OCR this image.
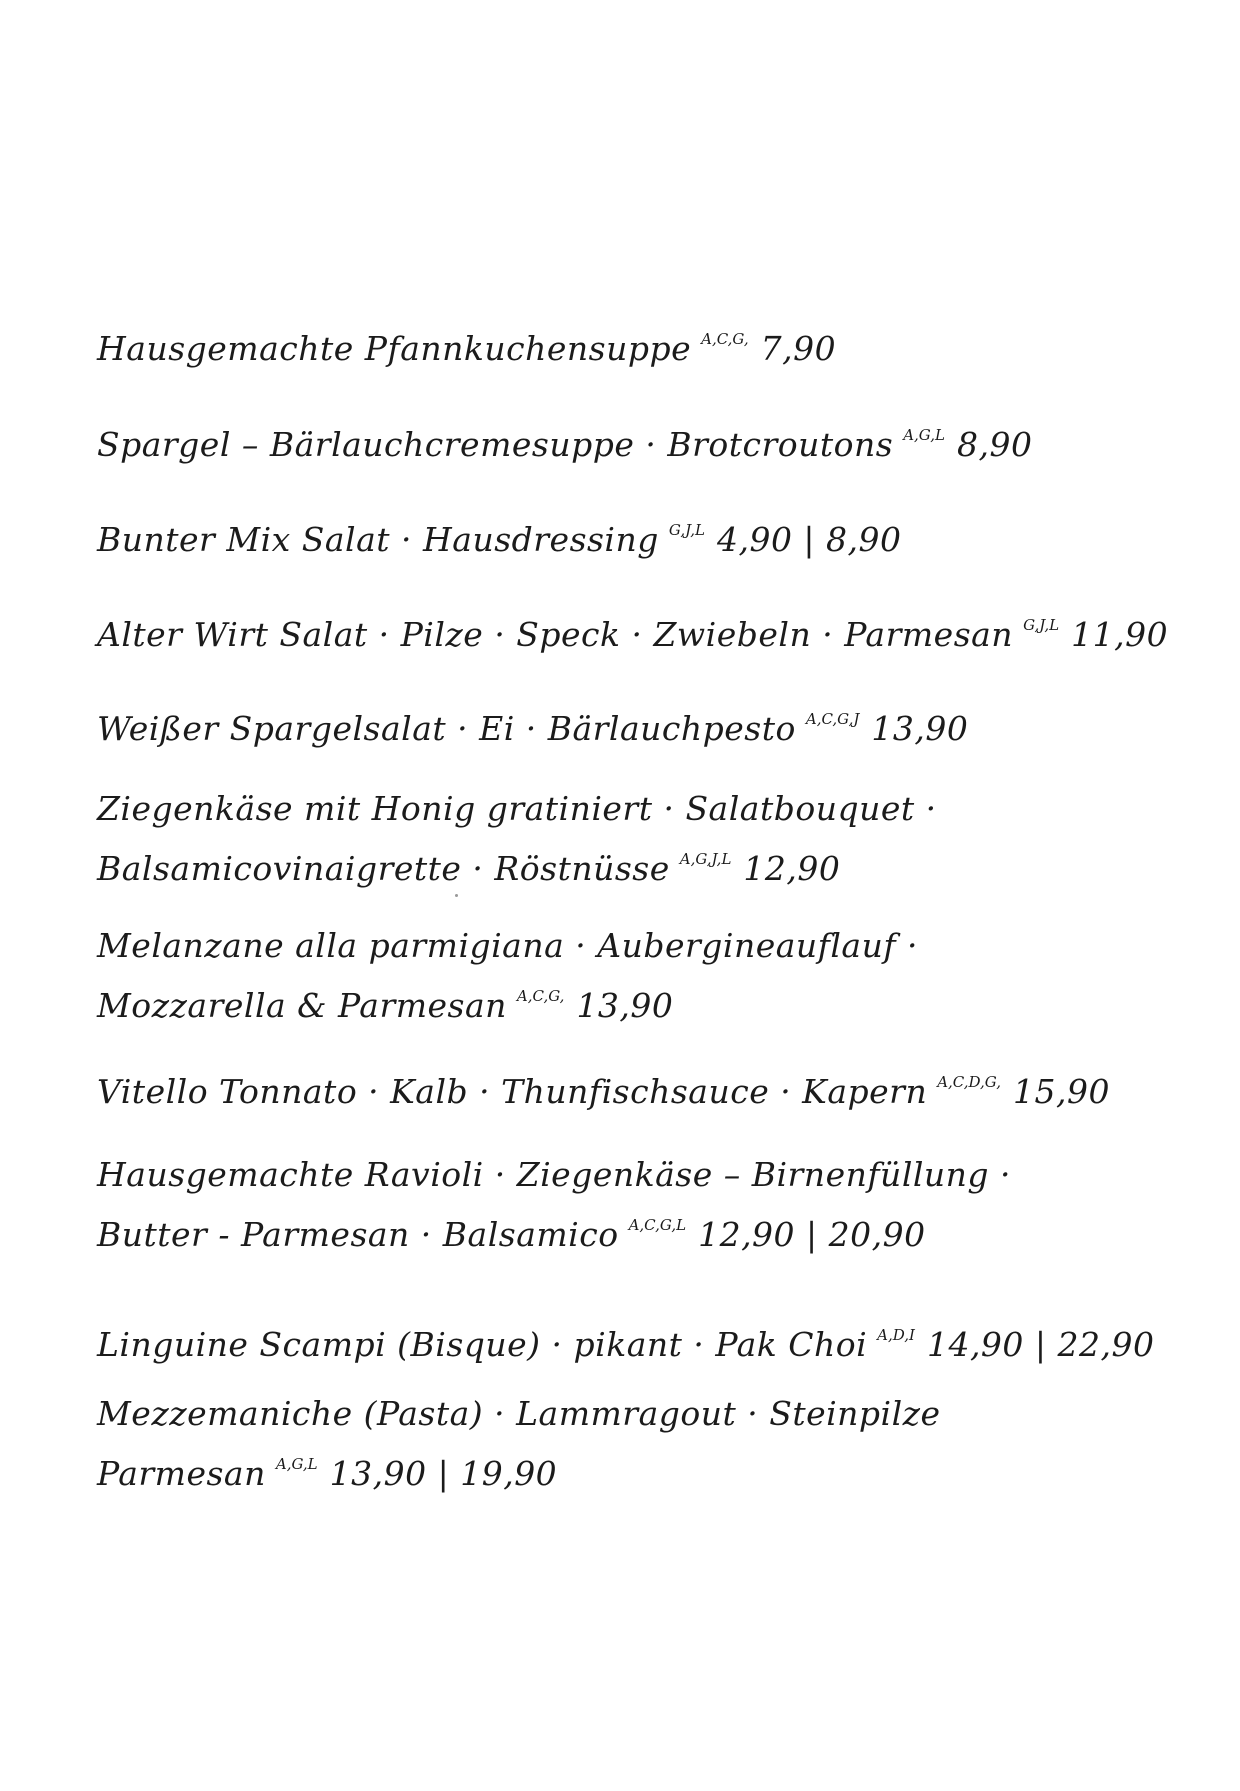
Hausgemachte Pfannkuchensuppe $^{A,C,G,}$ 7,90
Spargel – Bärlauchcremesuppe · Brotcroutons $^{A,G,L}$ 8,90
Bunter Mix Salat · Hausdressing $^{G,J,L}$ 4,90 | 8,90
Alter Wirt Salat · Pilze · Speck · Zwiebeln · Parmesan $^{G,J,L}$ 11,90
Weißer Spargelsalat · Ei · Bärlauchpesto $^{A,C,G,J}$ 13,90
Ziegenkäse mit Honig gratiniert · Salatbouquet ·
Balsamicovinaigrette · Röstnüsse $^{A,G,J,L}$ 12,90
Melanzane alla parmigiana · Auberginеauflauf ·
Mozzarella & Parmesan $^{A,C,G,}$ 13,90
Vitello Tonnato · Kalb · Thunfischsauce · Kapern $^{A,C,D,G,}$ 15,90
Hausgemachte Ravioli · Ziegenkäse – Birnenfüllung ·
Butter - Parmesan · Balsamico $^{A,C,G,L}$ 12,90 | 20,90
Linguine Scampi (Bisque) · pikant · Pak Choi $^{A,D,I}$ 14,90 | 22,90
Mezzemaniche (Pasta) · Lammragout · Steinpilze
Parmesan $^{A,G,L}$ 13,90 | 19,90
